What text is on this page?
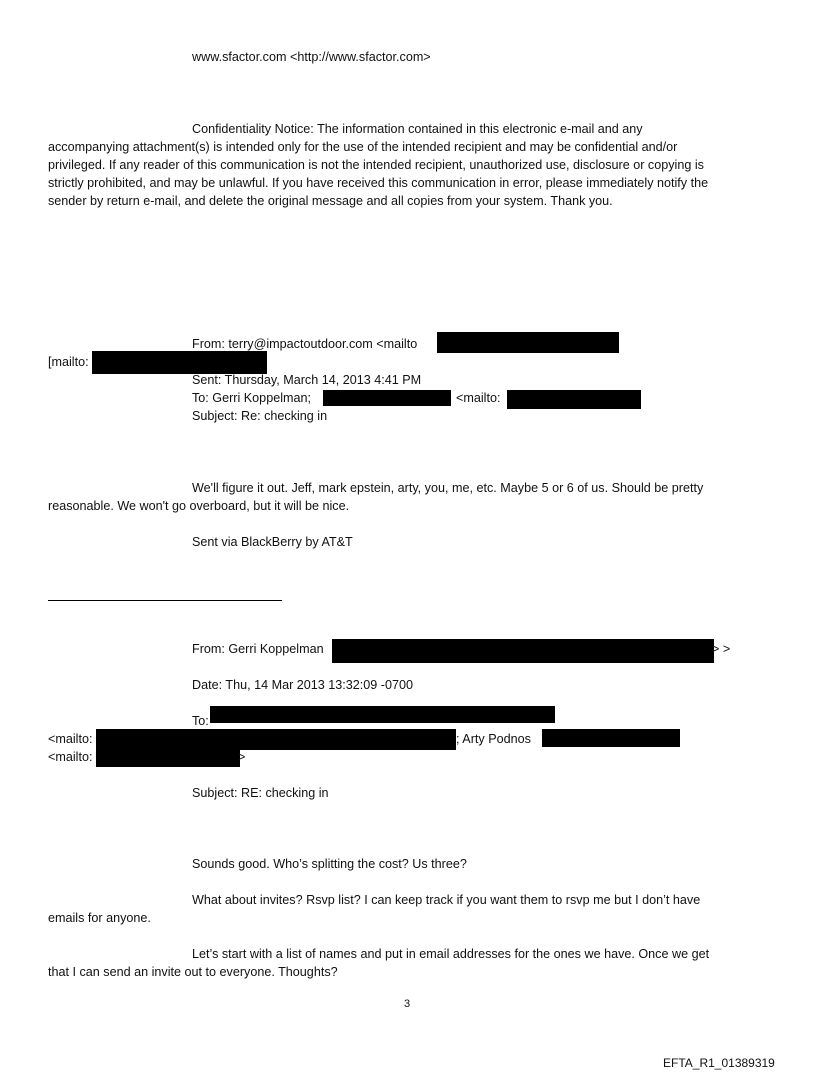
www.sfactor.com <http://www.sfactor.com>
Confidentiality Notice: The information contained in this electronic e-mail and any
accompanying attachment(s) is intended only for the use of the intended recipient and may be confidential and/or
privileged. If any reader of this communication is not the intended recipient, unauthorized use, disclosure or copying is
strictly prohibited, and may be unlawful. If you have received this communication in error, please immediately notify the
sender by return e-mail, and delete the original message and all copies from your system. Thank you.
From: terry@impactoutdoor.com <mailto
[mailto:
Sent: Thursday, March 14, 2013 4:41 PM
To: Gerri Koppelman;	<mailto:
Subject: Re: checking in
We'll figure it out. Jeff, mark epstein, arty, you, me, etc. Maybe 5 or 6 of us. Should be pretty
reasonable. We won't go overboard, but it will be nice.
Sent via BlackBerry by AT&T
From: Gerri Koppelman	> >
Date: Thu, 14 Mar 2013 13:32:09 -0700
To:
<mailto:	; Arty Podnos
<mailto:	>
Subject: RE: checking in
Sounds good. Who’s splitting the cost? Us three?
What about invites? Rsvp list? I can keep track if you want them to rsvp me but I don’t have
emails for anyone.
Let’s start with a list of names and put in email addresses for the ones we have. Once we get
that I can send an invite out to everyone. Thoughts?
3
EFTA_R1_01389319
